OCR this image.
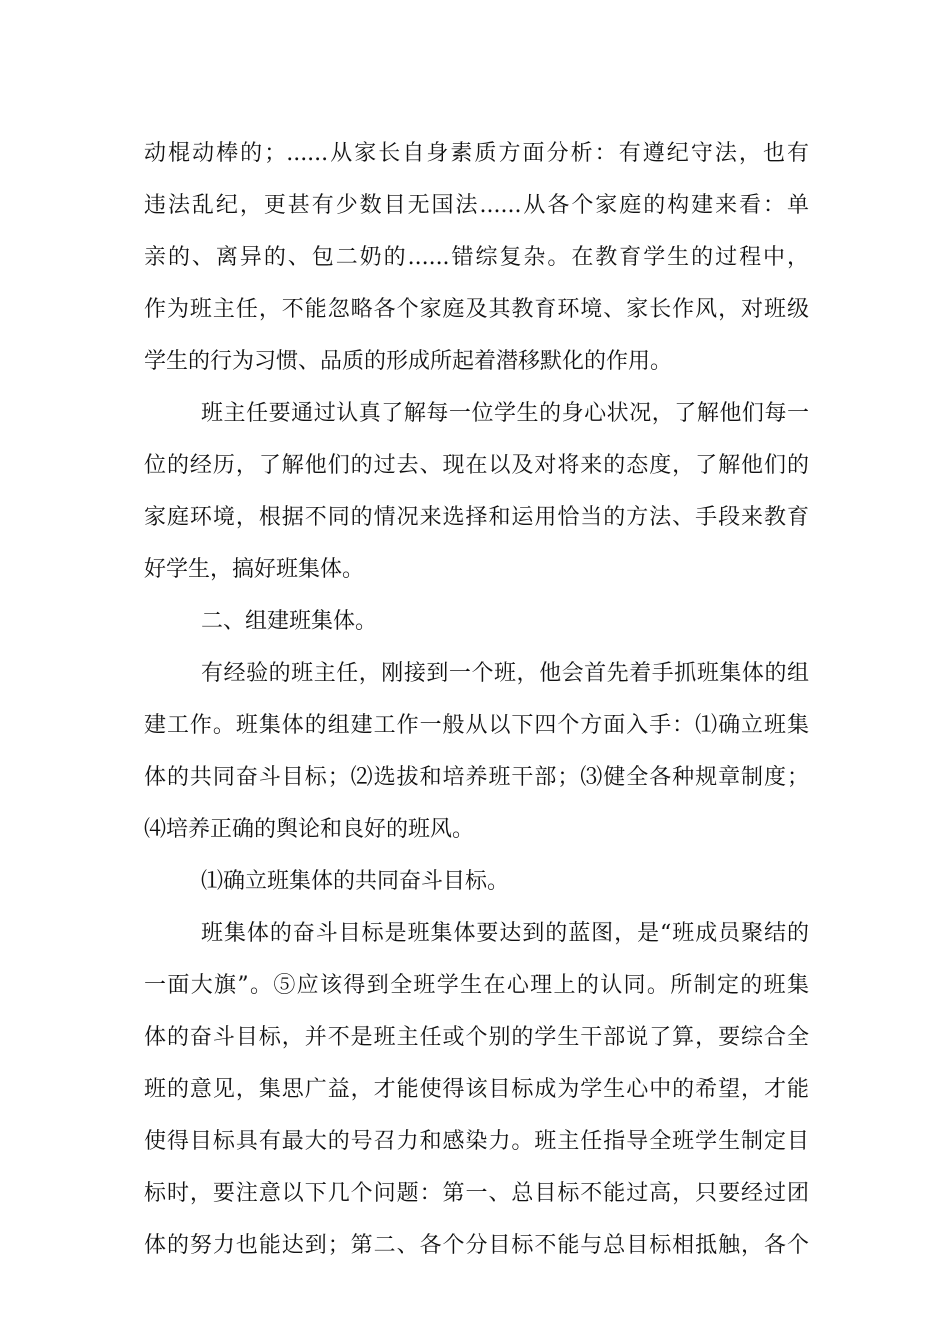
动棍动棒的；......从家长自身素质方面分析：有遵纪守法，也有
违法乱纪，更甚有少数目无国法......从各个家庭的构建来看：单
亲的、离异的、包二奶的......错综复杂。在教育学生的过程中，
作为班主任，不能忽略各个家庭及其教育环境、家长作风，对班级
学生的行为习惯、品质的形成所起着潜移默化的作用。
班主任要通过认真了解每一位学生的身心状况，了解他们每一
位的经历，了解他们的过去、现在以及对将来的态度，了解他们的
家庭环境，根据不同的情况来选择和运用恰当的方法、手段来教育
好学生，搞好班集体。
二、组建班集体。
有经验的班主任，刚接到一个班，他会首先着手抓班集体的组
建工作。班集体的组建工作一般从以下四个方面入手：⑴确立班集
体的共同奋斗目标；⑵选拔和培养班干部；⑶健全各种规章制度；
⑷培养正确的舆论和良好的班风。
⑴确立班集体的共同奋斗目标。
班集体的奋斗目标是班集体要达到的蓝图，是“班成员聚结的
一面大旗”。⑤应该得到全班学生在心理上的认同。所制定的班集
体的奋斗目标，并不是班主任或个别的学生干部说了算，要综合全
班的意见，集思广益，才能使得该目标成为学生心中的希望，才能
使得目标具有最大的号召力和感染力。班主任指导全班学生制定目
标时，要注意以下几个问题：第一、总目标不能过高，只要经过团
体的努力也能达到；第二、各个分目标不能与总目标相抵触，各个
